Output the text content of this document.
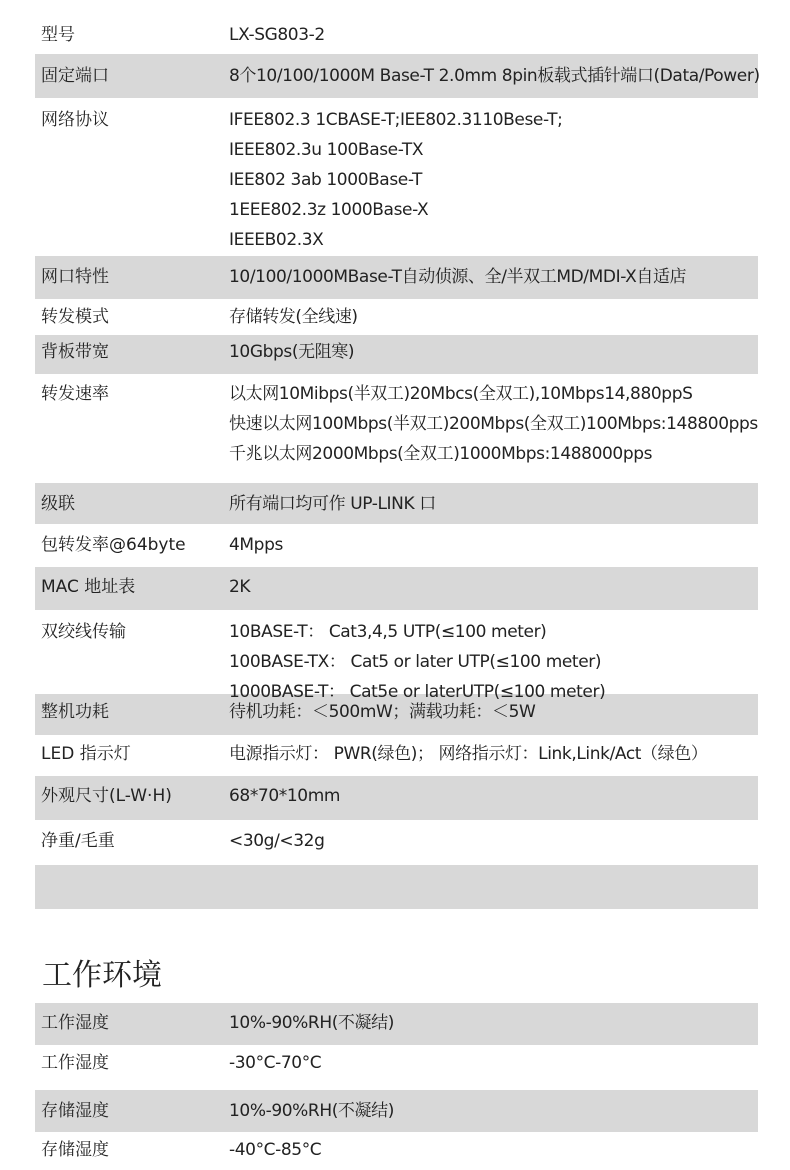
型号	LX-SG803-2
固定端口	8个10/100/1000M Base-T 2.0mm 8pin板载式插针端口(Data/Power)
网络协议	IFEE802.3 1CBASE-T;IEE802.3110Bese-T;
IEEE802.3u 100Base-TX
IEE802 3ab 1000Base-T
1EEE802.3z 1000Base-X
IEEEB02.3X
网口特性	10/100/1000MBase-T自动侦源、全/半双工MD/MDI-X自适店
转发模式	存储转发(全线速)
背板带宽	10Gbps(无阻寒)
转发速率	以太网10Mibps(半双工)20Mbcs(全双工),10Mbps14,880ppS
快速以太网100Mbps(半双工)200Mbps(全双工)100Mbps:148800pps
千兆以太网2000Mbps(全双工)1000Mbps:1488000pps
级联	所有端口均可作 UP-LINK 口
包转发率@64byte	4Mpps
MAC 地址表	2K
双绞线传输	10BASE-T： Cat3,4,5 UTP(≤100 meter)
100BASE-TX： Cat5 or later UTP(≤100 meter)
1000BASE-T： Cat5e or laterUTP(≤100 meter)
整机功耗	待机功耗：＜500mW；满载功耗：＜5W
LED 指示灯	电源指示灯： PWR(绿色)； 网络指示灯：Link,Link/Act（绿色）
外观尺寸(L-W·H)	68*70*10mm
净重/毛重	<30g/<32g
工作环境
工作湿度	10%-90%RH(不凝结)
工作湿度	-30°C-70°C
存储湿度	10%-90%RH(不凝结)
存储湿度	-40°C-85°C
